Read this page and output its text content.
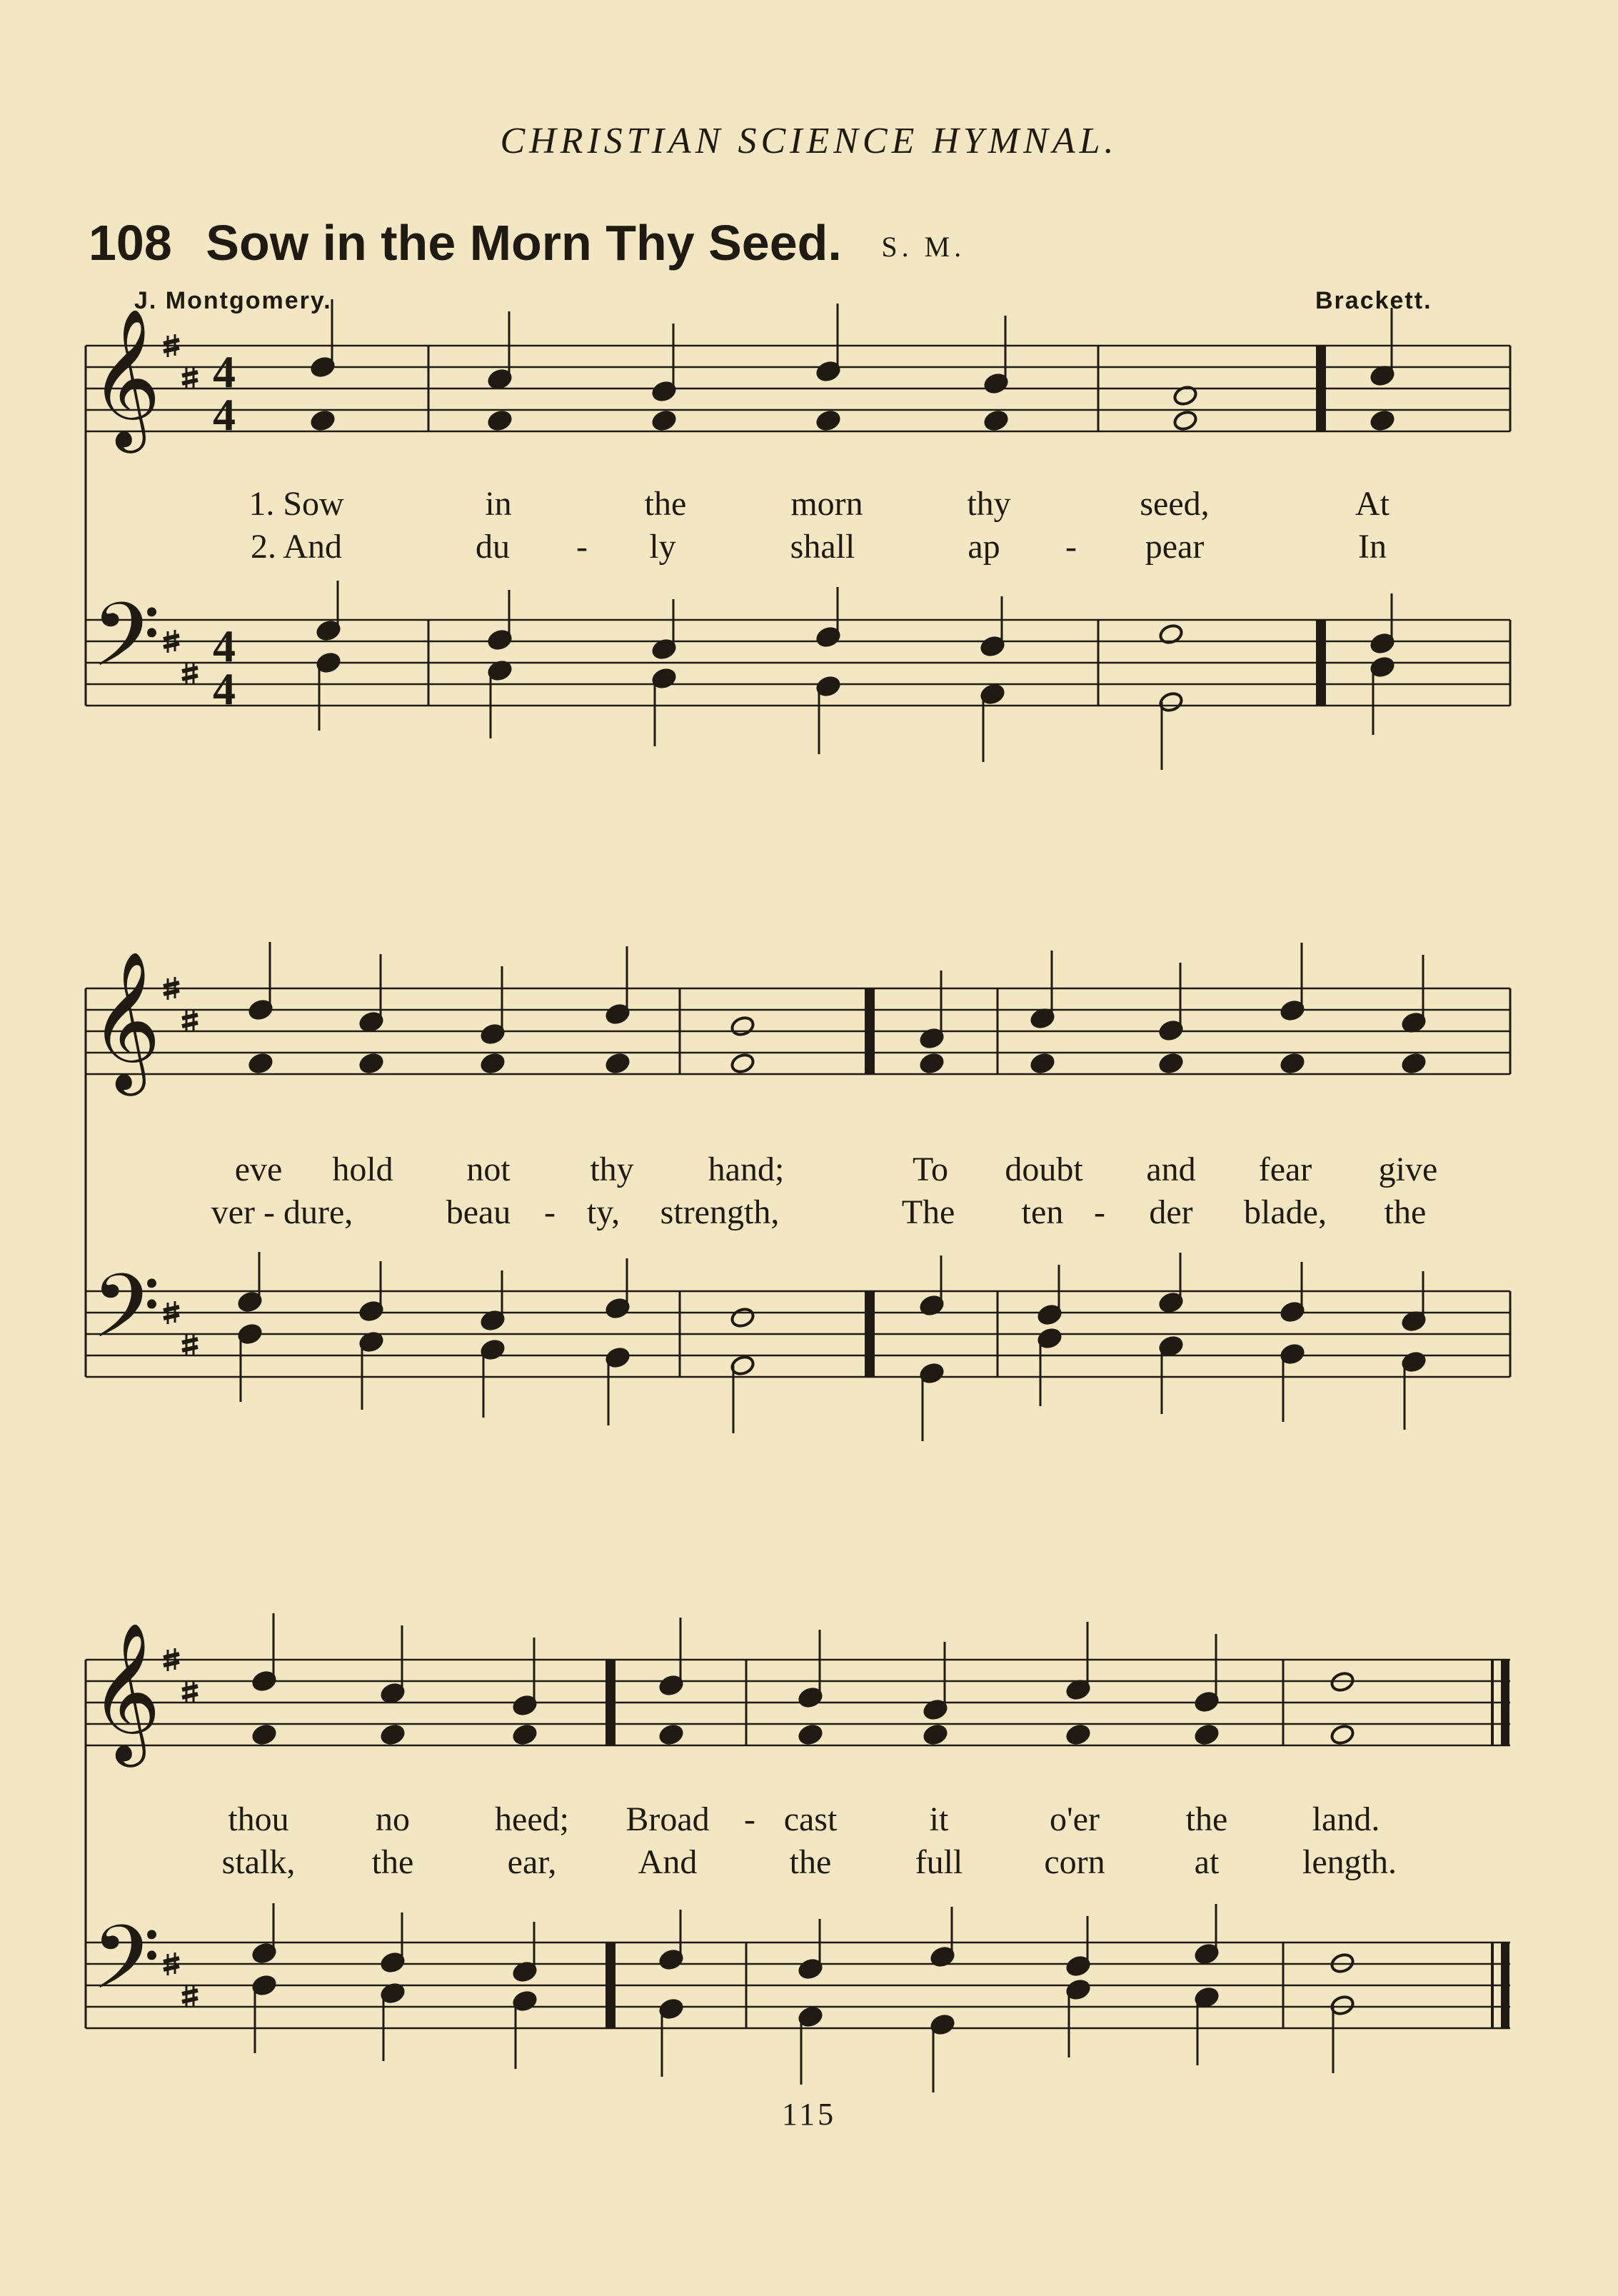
CHRISTIAN SCIENCE HYMNAL.
108 Sow in the Morn Thy Seed. S. M.
J. Montgomery.	Brackett.
𝄞
𝄢
4
4
4
4
𝄞
𝄢
𝄞
𝄢
1. Sow	in	the	morn	thy	seed,	At
2. And	du - ly	shall	ap - pear	In
eve hold not thy hand;	To doubt and fear give
ver - dure,	beau - ty, strength,	The ten - der blade, the
thou	no heed; Broad - cast	it	o'er	the land.
stalk, the	ear, And	the full corn	at length.
115
